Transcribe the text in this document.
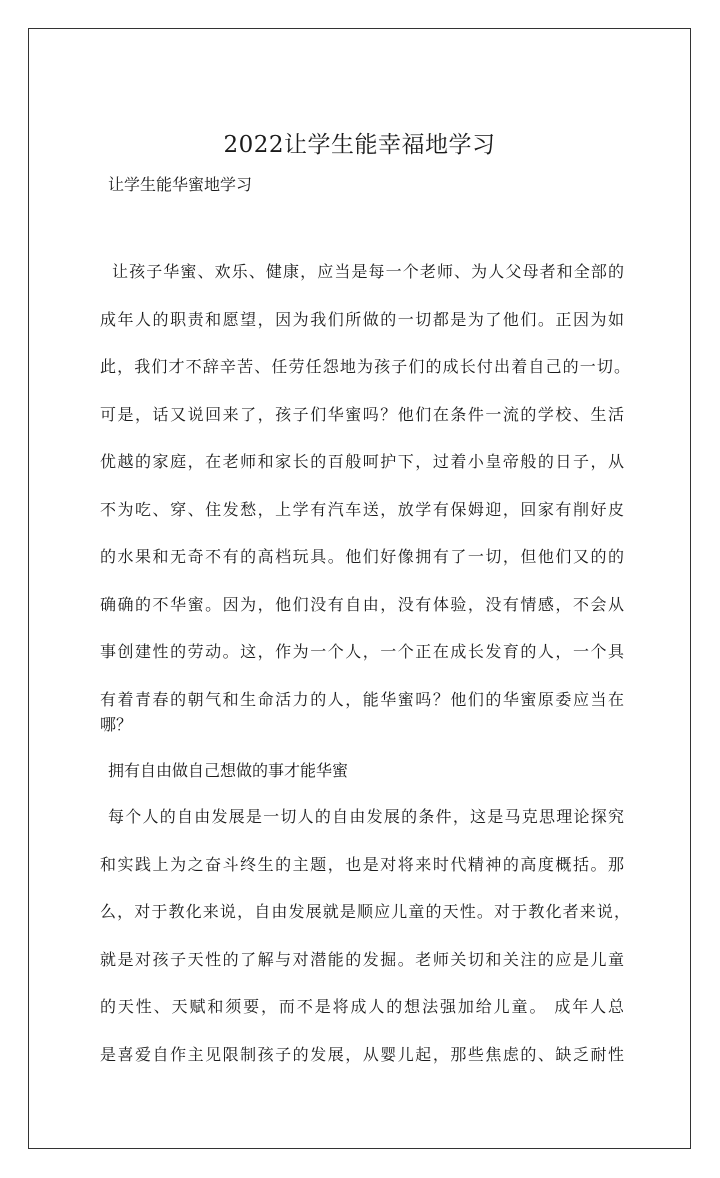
2022让学生能幸福地学习
让学生能华蜜地学习
让孩子华蜜、欢乐、健康，应当是每一个老师、为人父母者和全部的
成年人的职责和愿望，因为我们所做的一切都是为了他们。正因为如
此，我们才不辞辛苦、任劳任怨地为孩子们的成长付出着自己的一切。
可是，话又说回来了，孩子们华蜜吗？他们在条件一流的学校、生活
优越的家庭，在老师和家长的百般呵护下，过着小皇帝般的日子，从
不为吃、穿、住发愁，上学有汽车送，放学有保姆迎，回家有削好皮
的水果和无奇不有的高档玩具。他们好像拥有了一切，但他们又的的
确确的不华蜜。因为，他们没有自由，没有体验，没有情感，不会从
事创建性的劳动。这，作为一个人，一个正在成长发育的人，一个具
有着青春的朝气和生命活力的人，能华蜜吗？他们的华蜜原委应当在
哪？
拥有自由做自己想做的事才能华蜜
每个人的自由发展是一切人的自由发展的条件，这是马克思理论探究
和实践上为之奋斗终生的主题，也是对将来时代精神的高度概括。那
么，对于教化来说，自由发展就是顺应儿童的天性。对于教化者来说，
就是对孩子天性的了解与对潜能的发掘。老师关切和关注的应是儿童
的天性、天赋和须要，而不是将成人的想法强加给儿童。 成年人总
是喜爱自作主见限制孩子的发展，从婴儿起，那些焦虑的、缺乏耐性
